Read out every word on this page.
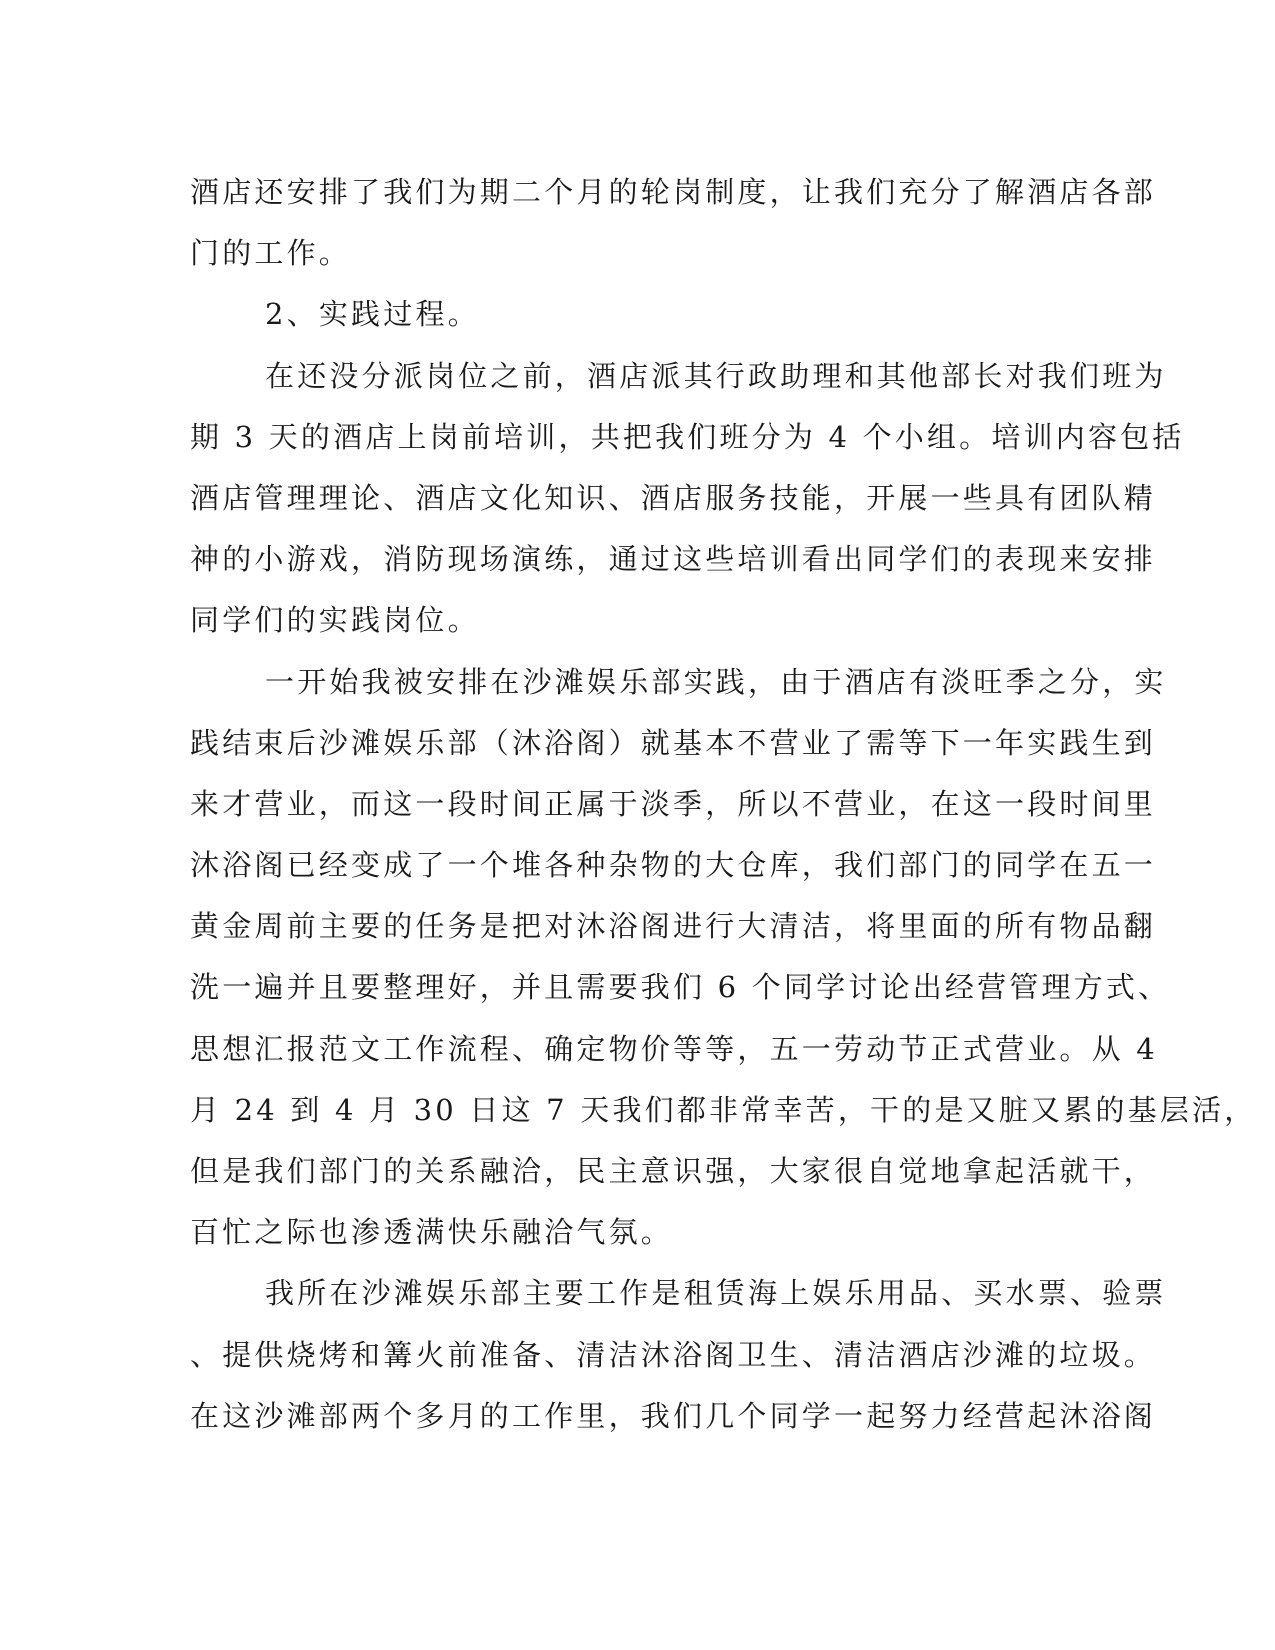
酒店还安排了我们为期二个月的轮岗制度，让我们充分了解酒店各部
门的工作。
2、实践过程。
在还没分派岗位之前，酒店派其行政助理和其他部长对我们班为
期 3 天的酒店上岗前培训，共把我们班分为 4 个小组。培训内容包括
酒店管理理论、酒店文化知识、酒店服务技能，开展一些具有团队精
神的小游戏，消防现场演练，通过这些培训看出同学们的表现来安排
同学们的实践岗位。
一开始我被安排在沙滩娱乐部实践，由于酒店有淡旺季之分，实
践结束后沙滩娱乐部（沐浴阁）就基本不营业了需等下一年实践生到
来才营业，而这一段时间正属于淡季，所以不营业，在这一段时间里
沐浴阁已经变成了一个堆各种杂物的大仓库，我们部门的同学在五一
黄金周前主要的任务是把对沐浴阁进行大清洁，将里面的所有物品翻
洗一遍并且要整理好，并且需要我们 6 个同学讨论出经营管理方式、
思想汇报范文工作流程、确定物价等等，五一劳动节正式营业。从 4
月 24 到 4 月 30 日这 7 天我们都非常幸苦，干的是又脏又累的基层活，
但是我们部门的关系融洽，民主意识强，大家很自觉地拿起活就干，
百忙之际也渗透满快乐融洽气氛。
我所在沙滩娱乐部主要工作是租赁海上娱乐用品、买水票、验票
、提供烧烤和篝火前准备、清洁沐浴阁卫生、清洁酒店沙滩的垃圾。
在这沙滩部两个多月的工作里，我们几个同学一起努力经营起沐浴阁
